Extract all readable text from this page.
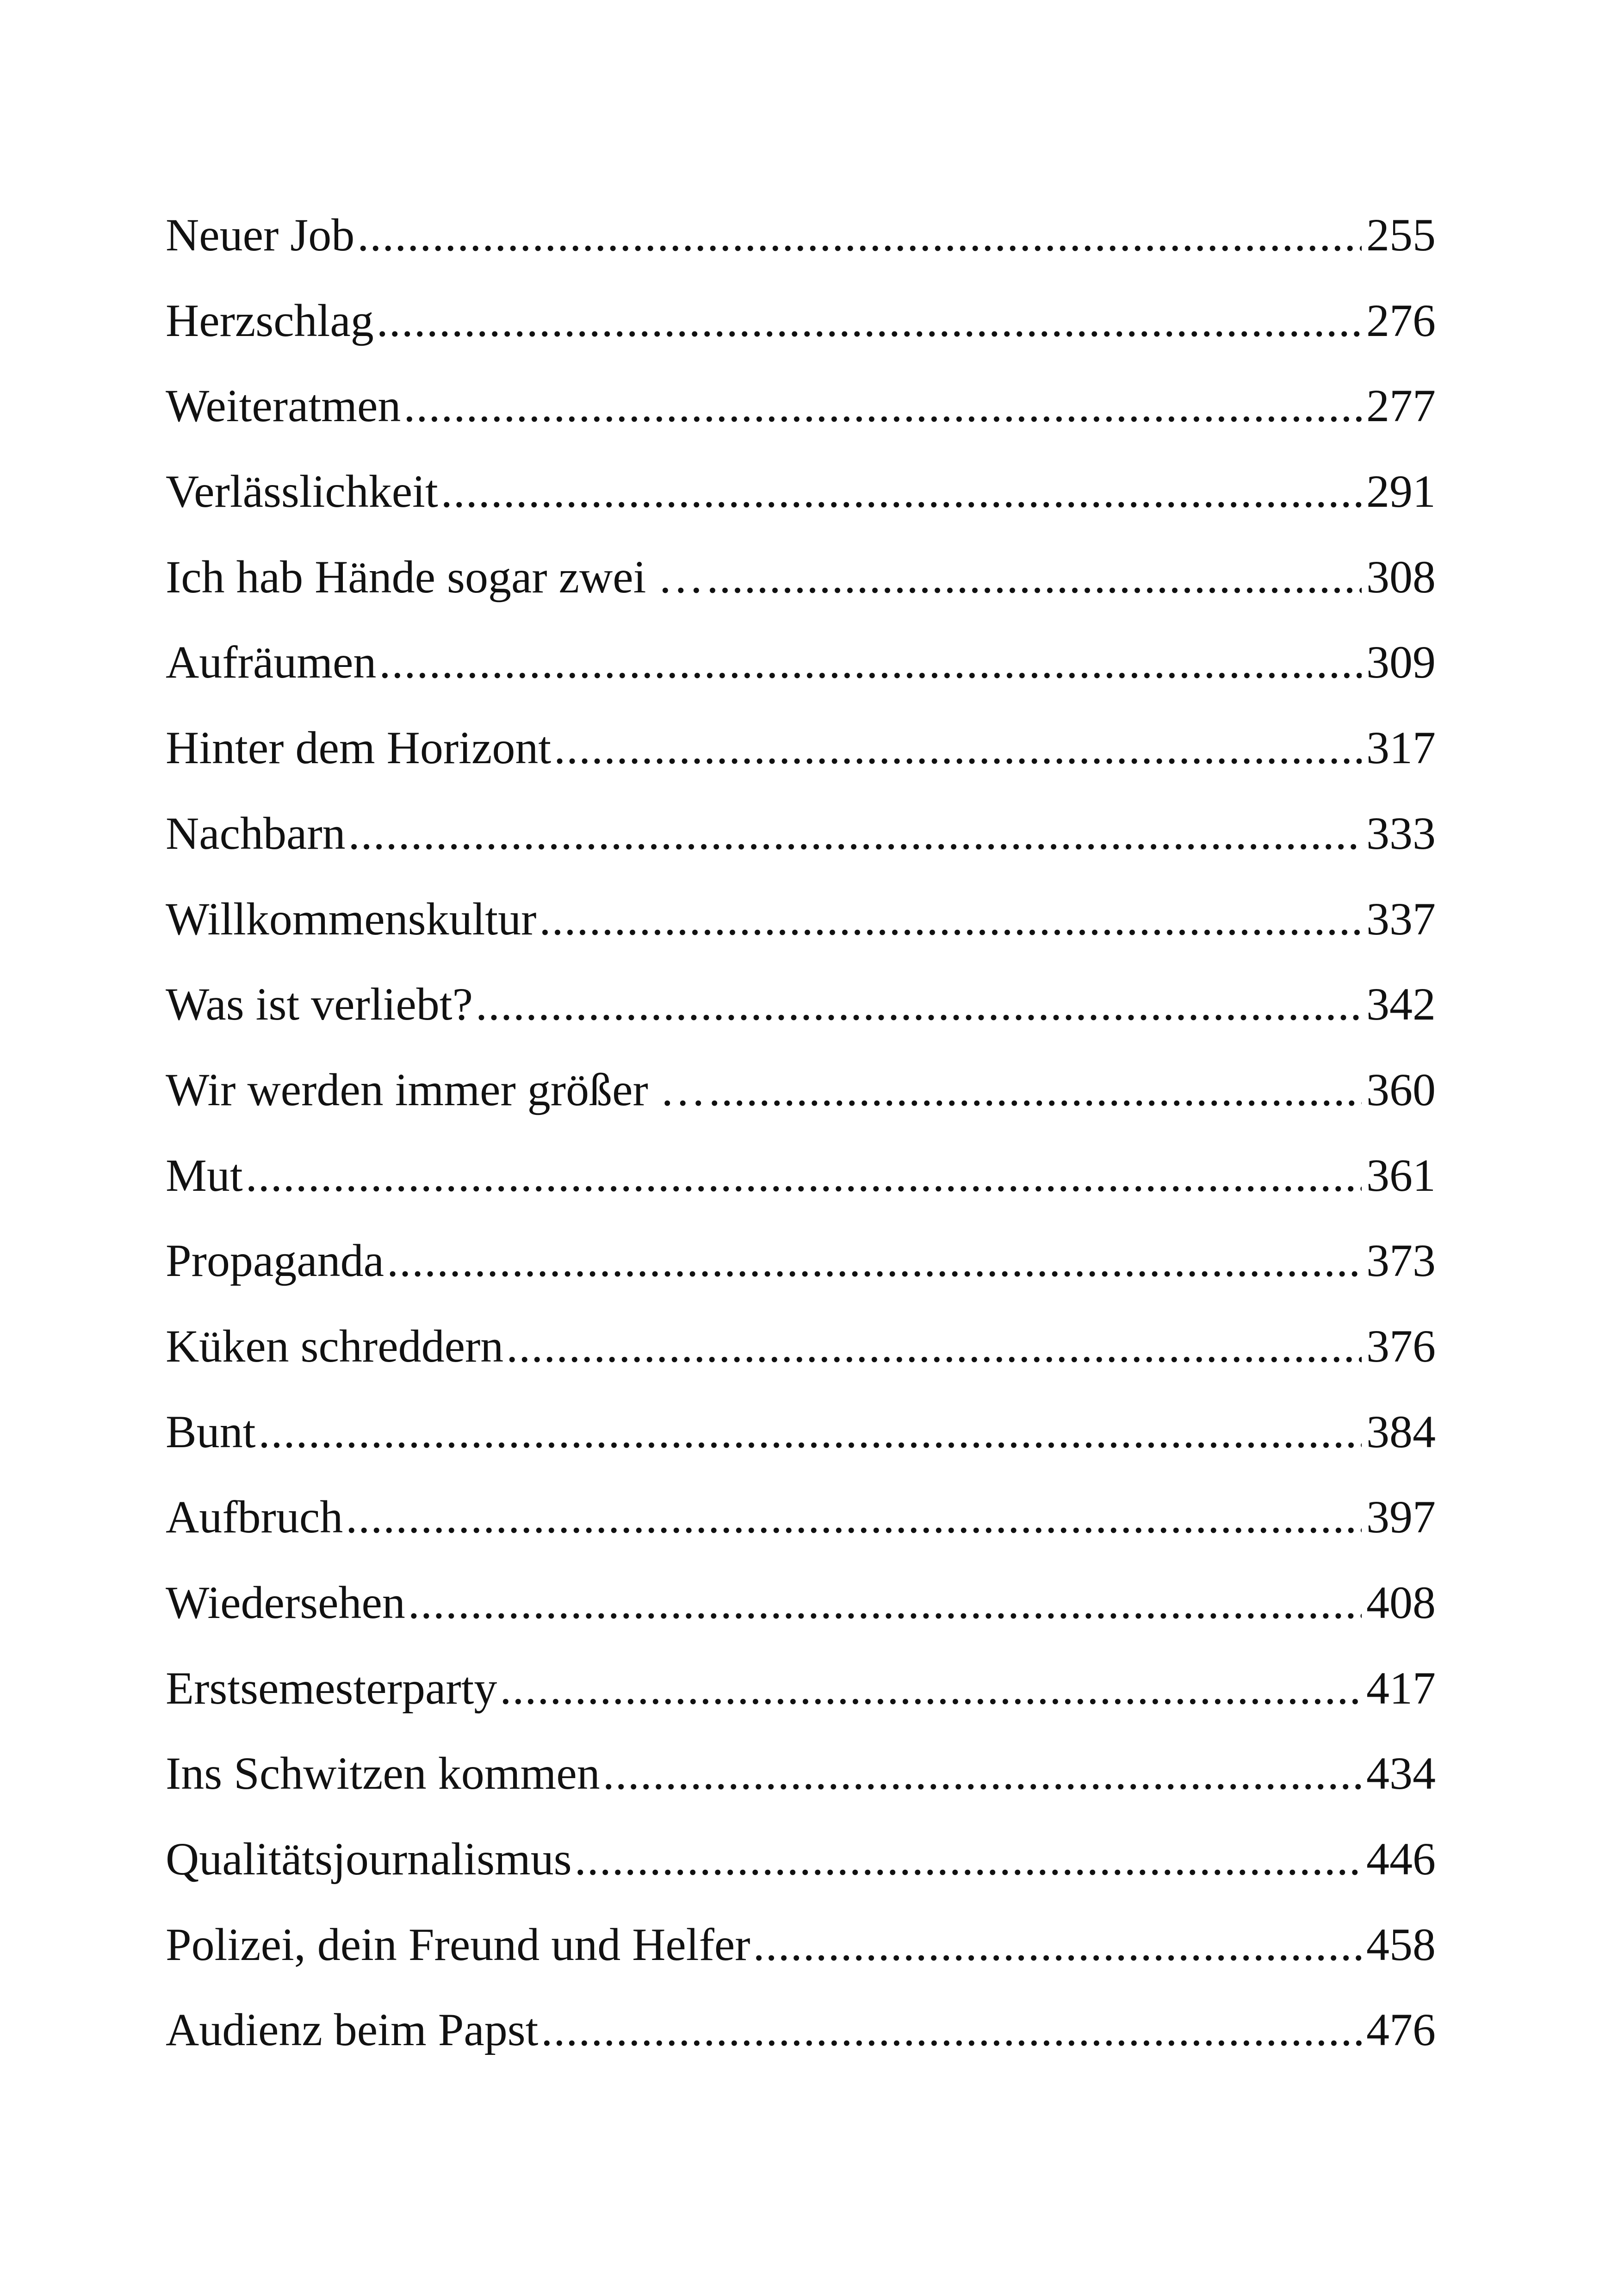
Neuer Job .....	255
Herzschlag .....	276
Weiteratmen .....	277
Verlässlichkeit .....	291
Ich hab Hände sogar zwei … .....	308
Aufräumen .....	309
Hinter dem Horizont .....	317
Nachbarn .....	333
Willkommenskultur .....	337
Was ist verliebt? .....	342
Wir werden immer größer … .....	360
Mut .....	361
Propaganda .....	373
Küken schreddern .....	376
Bunt .....	384
Aufbruch .....	397
Wiedersehen .....	408
Erstsemesterparty .....	417
Ins Schwitzen kommen .....	434
Qualitätsjournalismus .....	446
Polizei, dein Freund und Helfer .....	458
Audienz beim Papst .....	476
